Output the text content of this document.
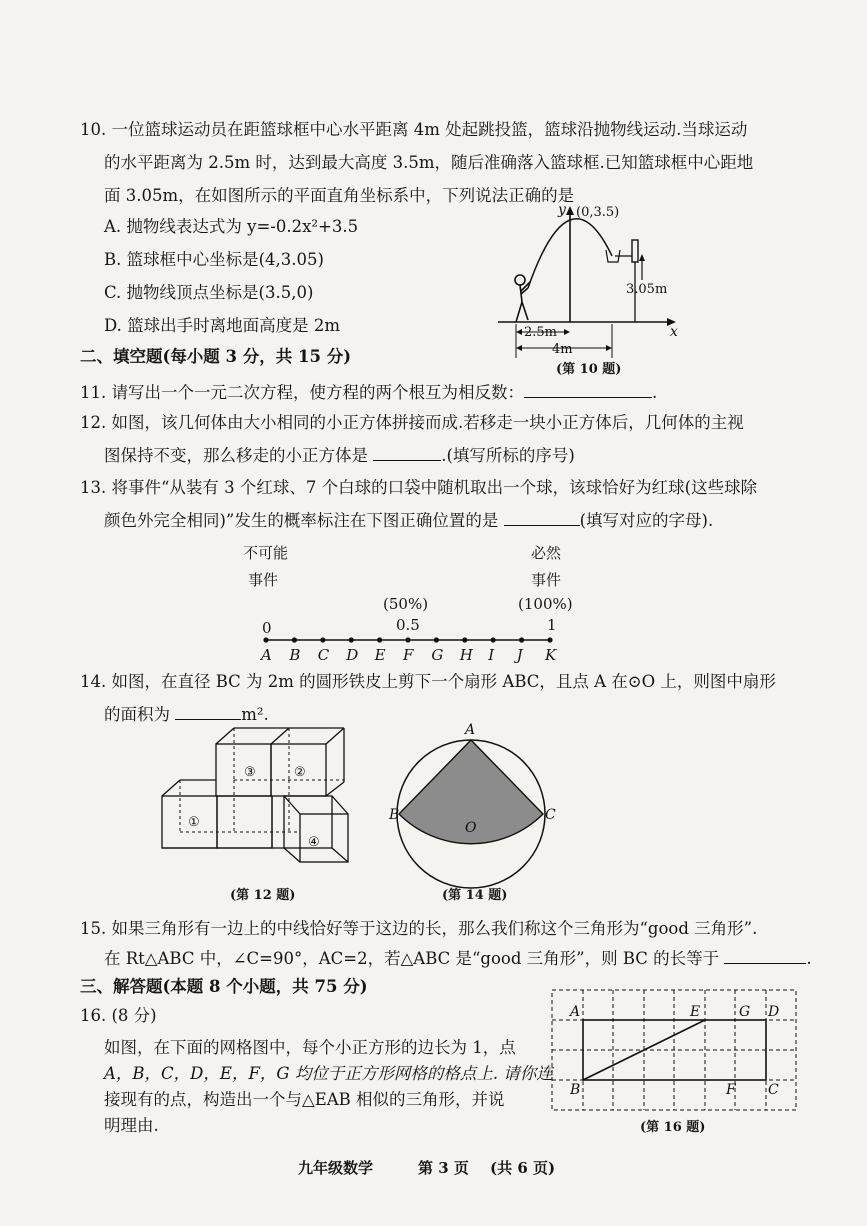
10. 一位篮球运动员在距篮球框中心水平距离 4m 处起跳投篮，篮球沿抛物线运动.当球运动
的水平距离为 2.5m 时，达到最大高度 3.5m，随后准确落入篮球框.已知篮球框中心距地
面 3.05m，在如图所示的平面直角坐标系中，下列说法正确的是
A. 抛物线表达式为 y=-0.2x²+3.5
B. 篮球框中心坐标是(4,3.05)
C. 抛物线顶点坐标是(3.5,0)
D. 篮球出手时离地面高度是 2m
y
x
(0,3.5)
3.05m
2.5m
4m
(第 10 题)
二、填空题(每小题 3 分，共 15 分)
11. 请写出一个一元二次方程，使方程的两个根互为相反数：	.
12. 如图，该几何体由大小相同的小正方体拼接而成.若移走一块小正方体后，几何体的主视
图保持不变，那么移走的小正方体是	.(填写所标的序号)
13. 将事件“从装有 3 个红球、7 个白球的口袋中随机取出一个球，该球恰好为红球(这些球除
颜色外完全相同)”发生的概率标注在下图正确位置的是	(填写对应的字母).
不可能
事件
必然
事件
(50%)	(100%)
0	0.5	1
A B C D E F G H I J K
14. 如图，在直径 BC 为 2m 的圆形铁皮上剪下一个扇形 ABC，且点 A 在⊙O 上，则图中扇形
的面积为	m².
③	②
①
④
(第 12 题)
A
B	C
O
(第 14 题)
15. 如果三角形有一边上的中线恰好等于这边的长，那么我们称这个三角形为“good 三角形”.
在 Rt△ABC 中，∠C=90°，AC=2，若△ABC 是“good 三角形”，则 BC 的长等于	.
三、解答题(本题 8 个小题，共 75 分)
16. (8 分)
如图，在下面的网格图中，每个小正方形的边长为 1，点
A，B，C，D，E，F，G 均位于正方形网格的格点上. 请你连
接现有的点，构造出一个与△EAB 相似的三角形，并说
明理由.
A
B	C
D
E
F
G
(第 16 题)
九年级数学	第 3 页 (共 6 页)
